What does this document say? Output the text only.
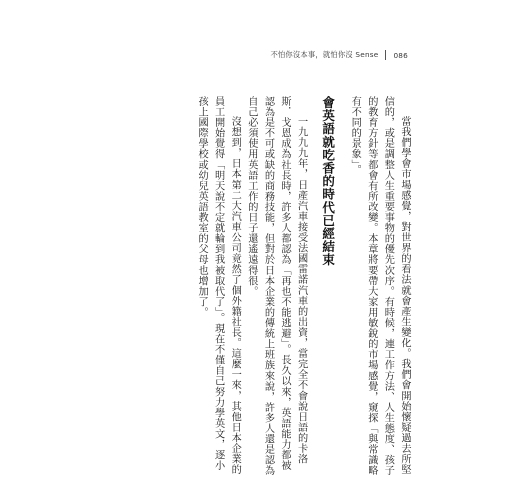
不怕你沒本事，就怕你沒 Sense 086
當我們學會市場感覺，對世界的看法就會產生變化。我們會開始懷疑過去所堅
信的，或是調整人生重要事物的優先次序。有時候，連工作方法、人生態度、孩子
的教育方針等都會有所改變。本章將要帶大家用敏銳的市場感覺，窺探「與常識略
有不同的景象」。
會英語就吃香的時代已經結束
一九九九年，日產汽車接受法國雷諾汽車的出資，當完全不會說日語的卡洛
斯．戈恩成為社長時，許多人都認為「再也不能逃避」。長久以來，英語能力都被
認為是不可或缺的商務技能，但對於日本企業的傳統上班族來說，許多人還是認為
自己必須使用英語工作的日子還遙遠得很。
沒想到，日本第二大汽車公司竟然了個外籍社長。這麼一來，其他日本企業的
員工開始覺得「明天說不定就輪到我被取代了」。現在不僅自己努力學英文，逐小
孩上國際學校或幼兒英語教室的父母也增加了。
